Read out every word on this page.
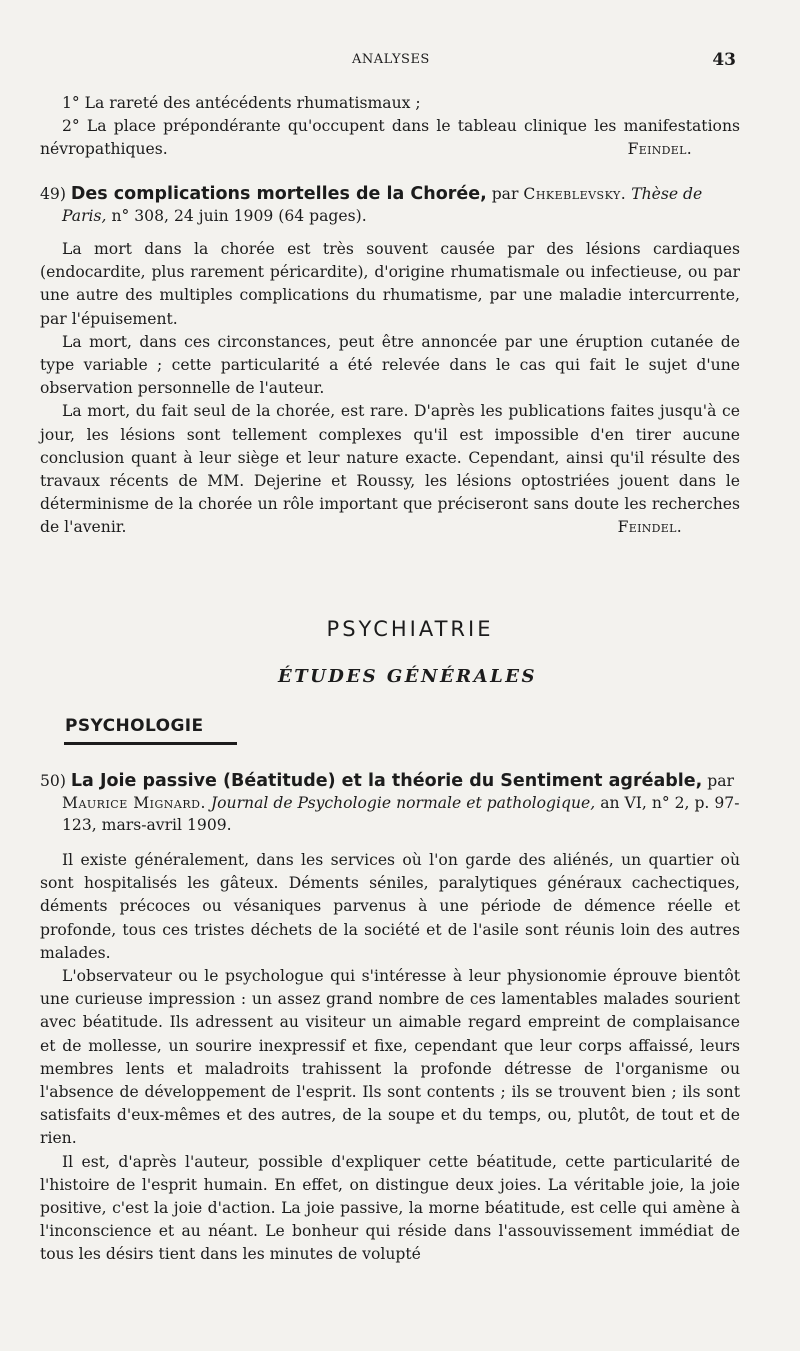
ANALYSES	43

1° La rareté des antécédents rhumatismaux ;

2° La place prépondérante qu'occupent dans le tableau clinique les manifestations névropathiques.	Feindel.

49) Des complications mortelles de la Chorée, par Chkeblevsky. Thèse de Paris, n° 308, 24 juin 1909 (64 pages).

La mort dans la chorée est très souvent causée par des lésions cardiaques (endocardite, plus rarement péricardite), d'origine rhumatismale ou infectieuse, ou par une autre des multiples complications du rhumatisme, par une maladie intercurrente, par l'épuisement.

La mort, dans ces circonstances, peut être annoncée par une éruption cutanée de type variable ; cette particularité a été relevée dans le cas qui fait le sujet d'une observation personnelle de l'auteur.

La mort, du fait seul de la chorée, est rare. D'après les publications faites jusqu'à ce jour, les lésions sont tellement complexes qu'il est impossible d'en tirer aucune conclusion quant à leur siège et leur nature exacte. Cependant, ainsi qu'il résulte des travaux récents de MM. Dejerine et Roussy, les lésions optostriées jouent dans le déterminisme de la chorée un rôle important que préciseront sans doute les recherches de l'avenir.	Feindel.

PSYCHIATRIE
ÉTUDES GÉNÉRALES
PSYCHOLOGIE

50) La Joie passive (Béatitude) et la théorie du Sentiment agréable, par Maurice Mignard. Journal de Psychologie normale et pathologique, an VI, n° 2, p. 97-123, mars-avril 1909.

Il existe généralement, dans les services où l'on garde des aliénés, un quartier où sont hospitalisés les gâteux. Déments séniles, paralytiques généraux cachectiques, déments précoces ou vésaniques parvenus à une période de démence réelle et profonde, tous ces tristes déchets de la société et de l'asile sont réunis loin des autres malades.

L'observateur ou le psychologue qui s'intéresse à leur physionomie éprouve bientôt une curieuse impression : un assez grand nombre de ces lamentables malades sourient avec béatitude. Ils adressent au visiteur un aimable regard empreint de complaisance et de mollesse, un sourire inexpressif et fixe, cependant que leur corps affaissé, leurs membres lents et maladroits trahissent la profonde détresse de l'organisme ou l'absence de développement de l'esprit. Ils sont contents ; ils se trouvent bien ; ils sont satisfaits d'eux-mêmes et des autres, de la soupe et du temps, ou, plutôt, de tout et de rien.

Il est, d'après l'auteur, possible d'expliquer cette béatitude, cette particularité de l'histoire de l'esprit humain. En effet, on distingue deux joies. La véritable joie, la joie positive, c'est la joie d'action. La joie passive, la morne béatitude, est celle qui amène à l'inconscience et au néant. Le bonheur qui réside dans l'assouvissement immédiat de tous les désirs tient dans les minutes de volupté
